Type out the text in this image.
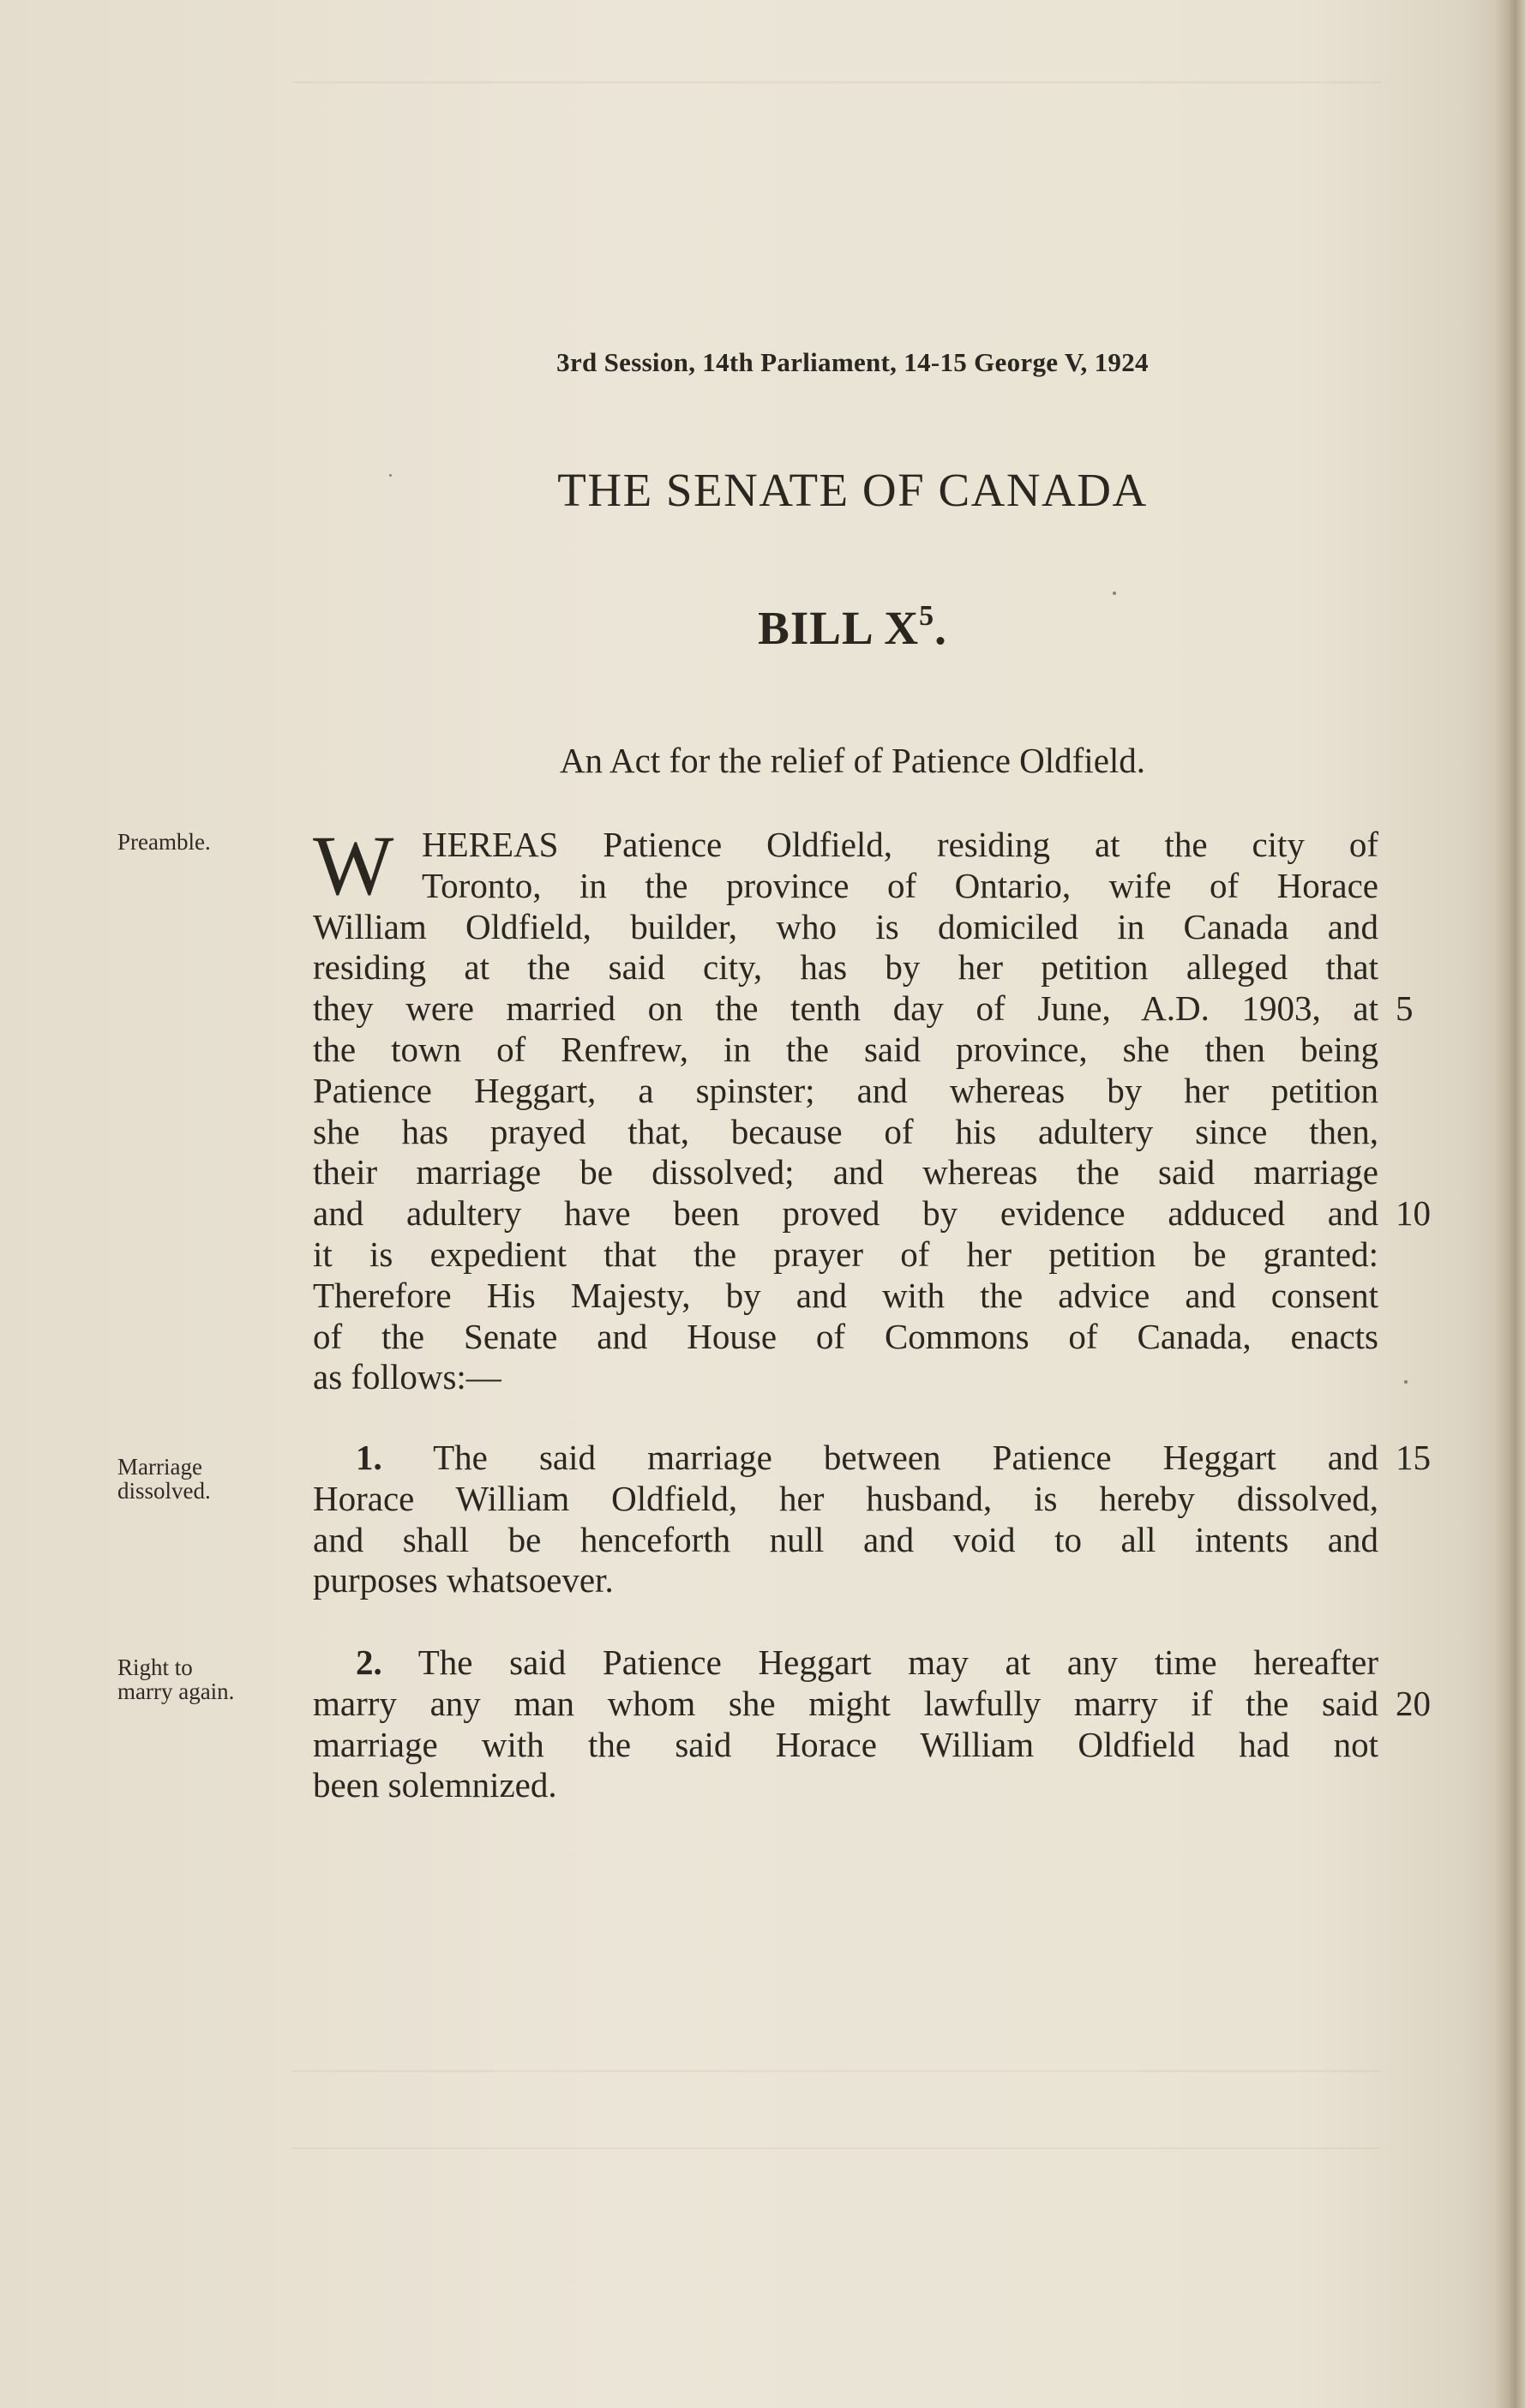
3rd Session, 14th Parliament, 14-15 George V, 1924
THE SENATE OF CANADA
BILL $X^5$.
An Act for the relief of Patience Oldfield.
Preamble.	W HEREAS Patience Oldfield, residing at the city of
Toronto, in the province of Ontario, wife of Horace
William Oldfield, builder, who is domiciled in Canada and
residing at the said city, has by her petition alleged that
they were married on the tenth day of June, A.D. 1903, at
the town of Renfrew, in the said province, she then being
Patience Heggart, a spinster; and whereas by her petition
she has prayed that, because of his adultery since then,
their marriage be dissolved; and whereas the said marriage
and adultery have been proved by evidence adduced and
it is expedient that the prayer of her petition be granted:
Therefore His Majesty, by and with the advice and consent
of the Senate and House of Commons of Canada, enacts
as follows:—
Marriage
dissolved.
1. The said marriage between Patience Heggart and
Horace William Oldfield, her husband, is hereby dissolved,
and shall be henceforth null and void to all intents and
purposes whatsoever.
Right to
marry again.
2. The said Patience Heggart may at any time hereafter
marry any man whom she might lawfully marry if the said
marriage with the said Horace William Oldfield had not
been solemnized.
5
10
15
20
